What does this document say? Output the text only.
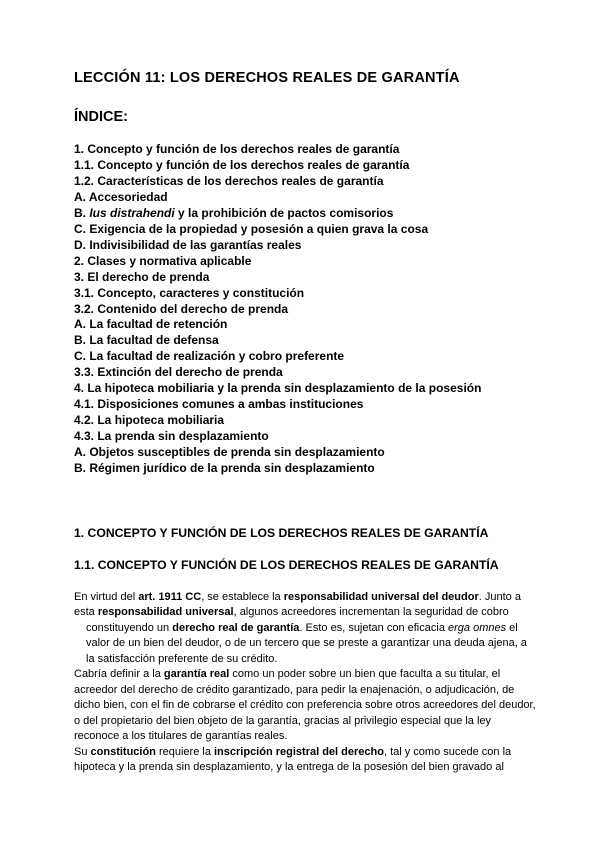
LECCIÓN 11: LOS DERECHOS REALES DE GARANTÍA
ÍNDICE:
1. Concepto y función de los derechos reales de garantía
1.1. Concepto y función de los derechos reales de garantía
1.2. Características de los derechos reales de garantía
A. Accesoriedad
B. Ius distrahendi y la prohibición de pactos comisorios
C. Exigencia de la propiedad y posesión a quien grava la cosa
D. Indivisibilidad de las garantías reales
2. Clases y normativa aplicable
3. El derecho de prenda
3.1. Concepto, caracteres y constitución
3.2. Contenido del derecho de prenda
A. La facultad de retención
B. La facultad de defensa
C. La facultad de realización y cobro preferente
3.3. Extinción del derecho de prenda
4. La hipoteca mobiliaria y la prenda sin desplazamiento de la posesión
4.1. Disposiciones comunes a ambas instituciones
4.2. La hipoteca mobiliaria
4.3. La prenda sin desplazamiento
A. Objetos susceptibles de prenda sin desplazamiento
B. Régimen jurídico de la prenda sin desplazamiento
1. CONCEPTO Y FUNCIÓN DE LOS DERECHOS REALES DE GARANTÍA
1.1. CONCEPTO Y FUNCIÓN DE LOS DERECHOS REALES DE GARANTÍA

En virtud del art. 1911 CC, se establece la responsabilidad universal del deudor. Junto a esta responsabilidad universal, algunos acreedores incrementan la seguridad de cobro
constituyendo un derecho real de garantía. Esto es, sujetan con eficacia erga omnes el valor de un bien del deudor, o de un tercero que se preste a garantizar una deuda ajena, a la satisfacción preferente de su crédito.

Cabría definir a la garantía real como un poder sobre un bien que faculta a su titular, el acreedor del derecho de crédito garantizado, para pedir la enajenación, o adjudicación, de dicho bien, con el fin de cobrarse el crédito con preferencia sobre otros acreedores del deudor, o del propietario del bien objeto de la garantía, gracias al privilegio especial que la ley reconoce a los titulares de garantías reales.

Su constitución requiere la inscripción registral del derecho, tal y como sucede con la hipoteca y la prenda sin desplazamiento, y la entrega de la posesión del bien gravado al
